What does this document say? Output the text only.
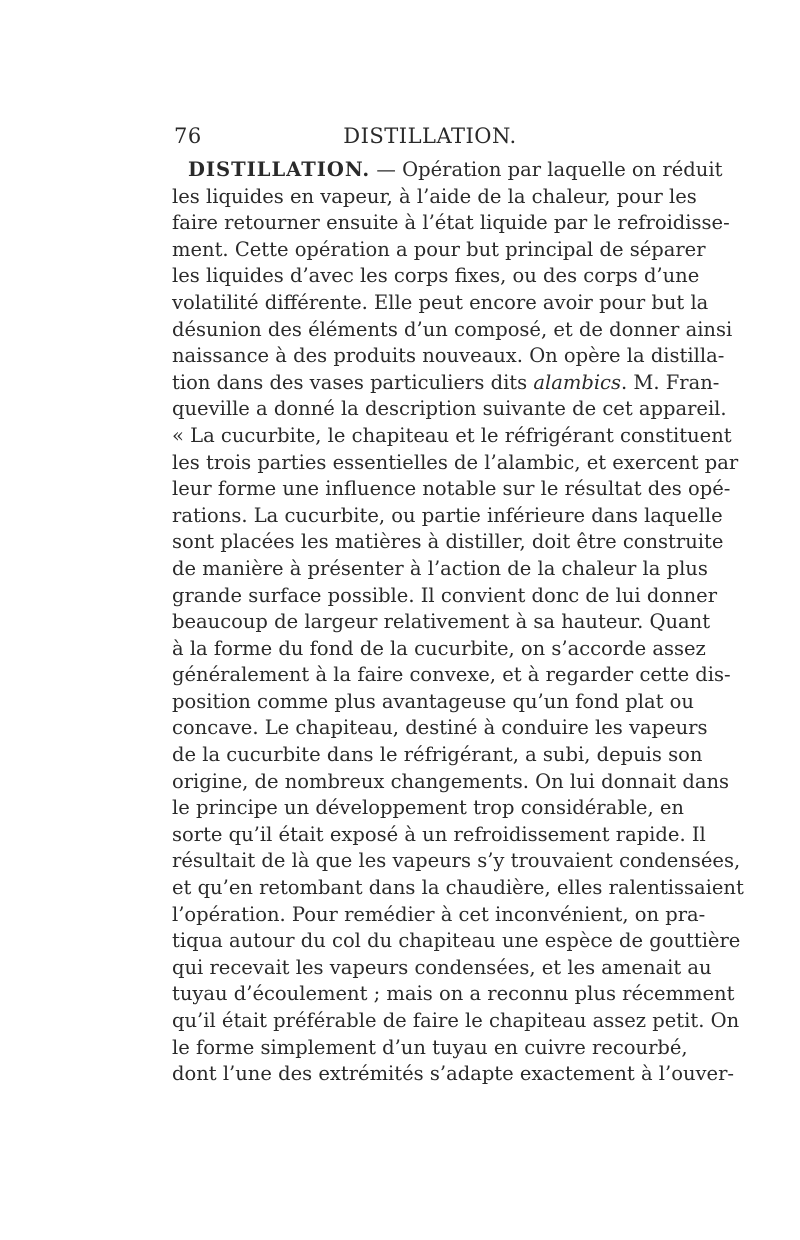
76	DISTILLATION.
DISTILLATION. — Opération par laquelle on réduit
les liquides en vapeur, à l’aide de la chaleur, pour les
faire retourner ensuite à l’état liquide par le refroidisse-
ment. Cette opération a pour but principal de séparer
les liquides d’avec les corps fixes, ou des corps d’une
volatilité différente. Elle peut encore avoir pour but la
désunion des éléments d’un composé, et de donner ainsi
naissance à des produits nouveaux. On opère la distilla-
tion dans des vases particuliers dits alambics. M. Fran-
queville a donné la description suivante de cet appareil.
« La cucurbite, le chapiteau et le réfrigérant constituent
les trois parties essentielles de l’alambic, et exercent par
leur forme une influence notable sur le résultat des opé-
rations. La cucurbite, ou partie inférieure dans laquelle
sont placées les matières à distiller, doit être construite
de manière à présenter à l’action de la chaleur la plus
grande surface possible. Il convient donc de lui donner
beaucoup de largeur relativement à sa hauteur. Quant
à la forme du fond de la cucurbite, on s’accorde assez
généralement à la faire convexe, et à regarder cette dis-
position comme plus avantageuse qu’un fond plat ou
concave. Le chapiteau, destiné à conduire les vapeurs
de la cucurbite dans le réfrigérant, a subi, depuis son
origine, de nombreux changements. On lui donnait dans
le principe un développement trop considérable, en
sorte qu’il était exposé à un refroidissement rapide. Il
résultait de là que les vapeurs s’y trouvaient condensées,
et qu’en retombant dans la chaudière, elles ralentissaient
l’opération. Pour remédier à cet inconvénient, on pra-
tiqua autour du col du chapiteau une espèce de gouttière
qui recevait les vapeurs condensées, et les amenait au
tuyau d’écoulement ; mais on a reconnu plus récemment
qu’il était préférable de faire le chapiteau assez petit. On
le forme simplement d’un tuyau en cuivre recourbé,
dont l’une des extrémités s’adapte exactement à l’ouver-
